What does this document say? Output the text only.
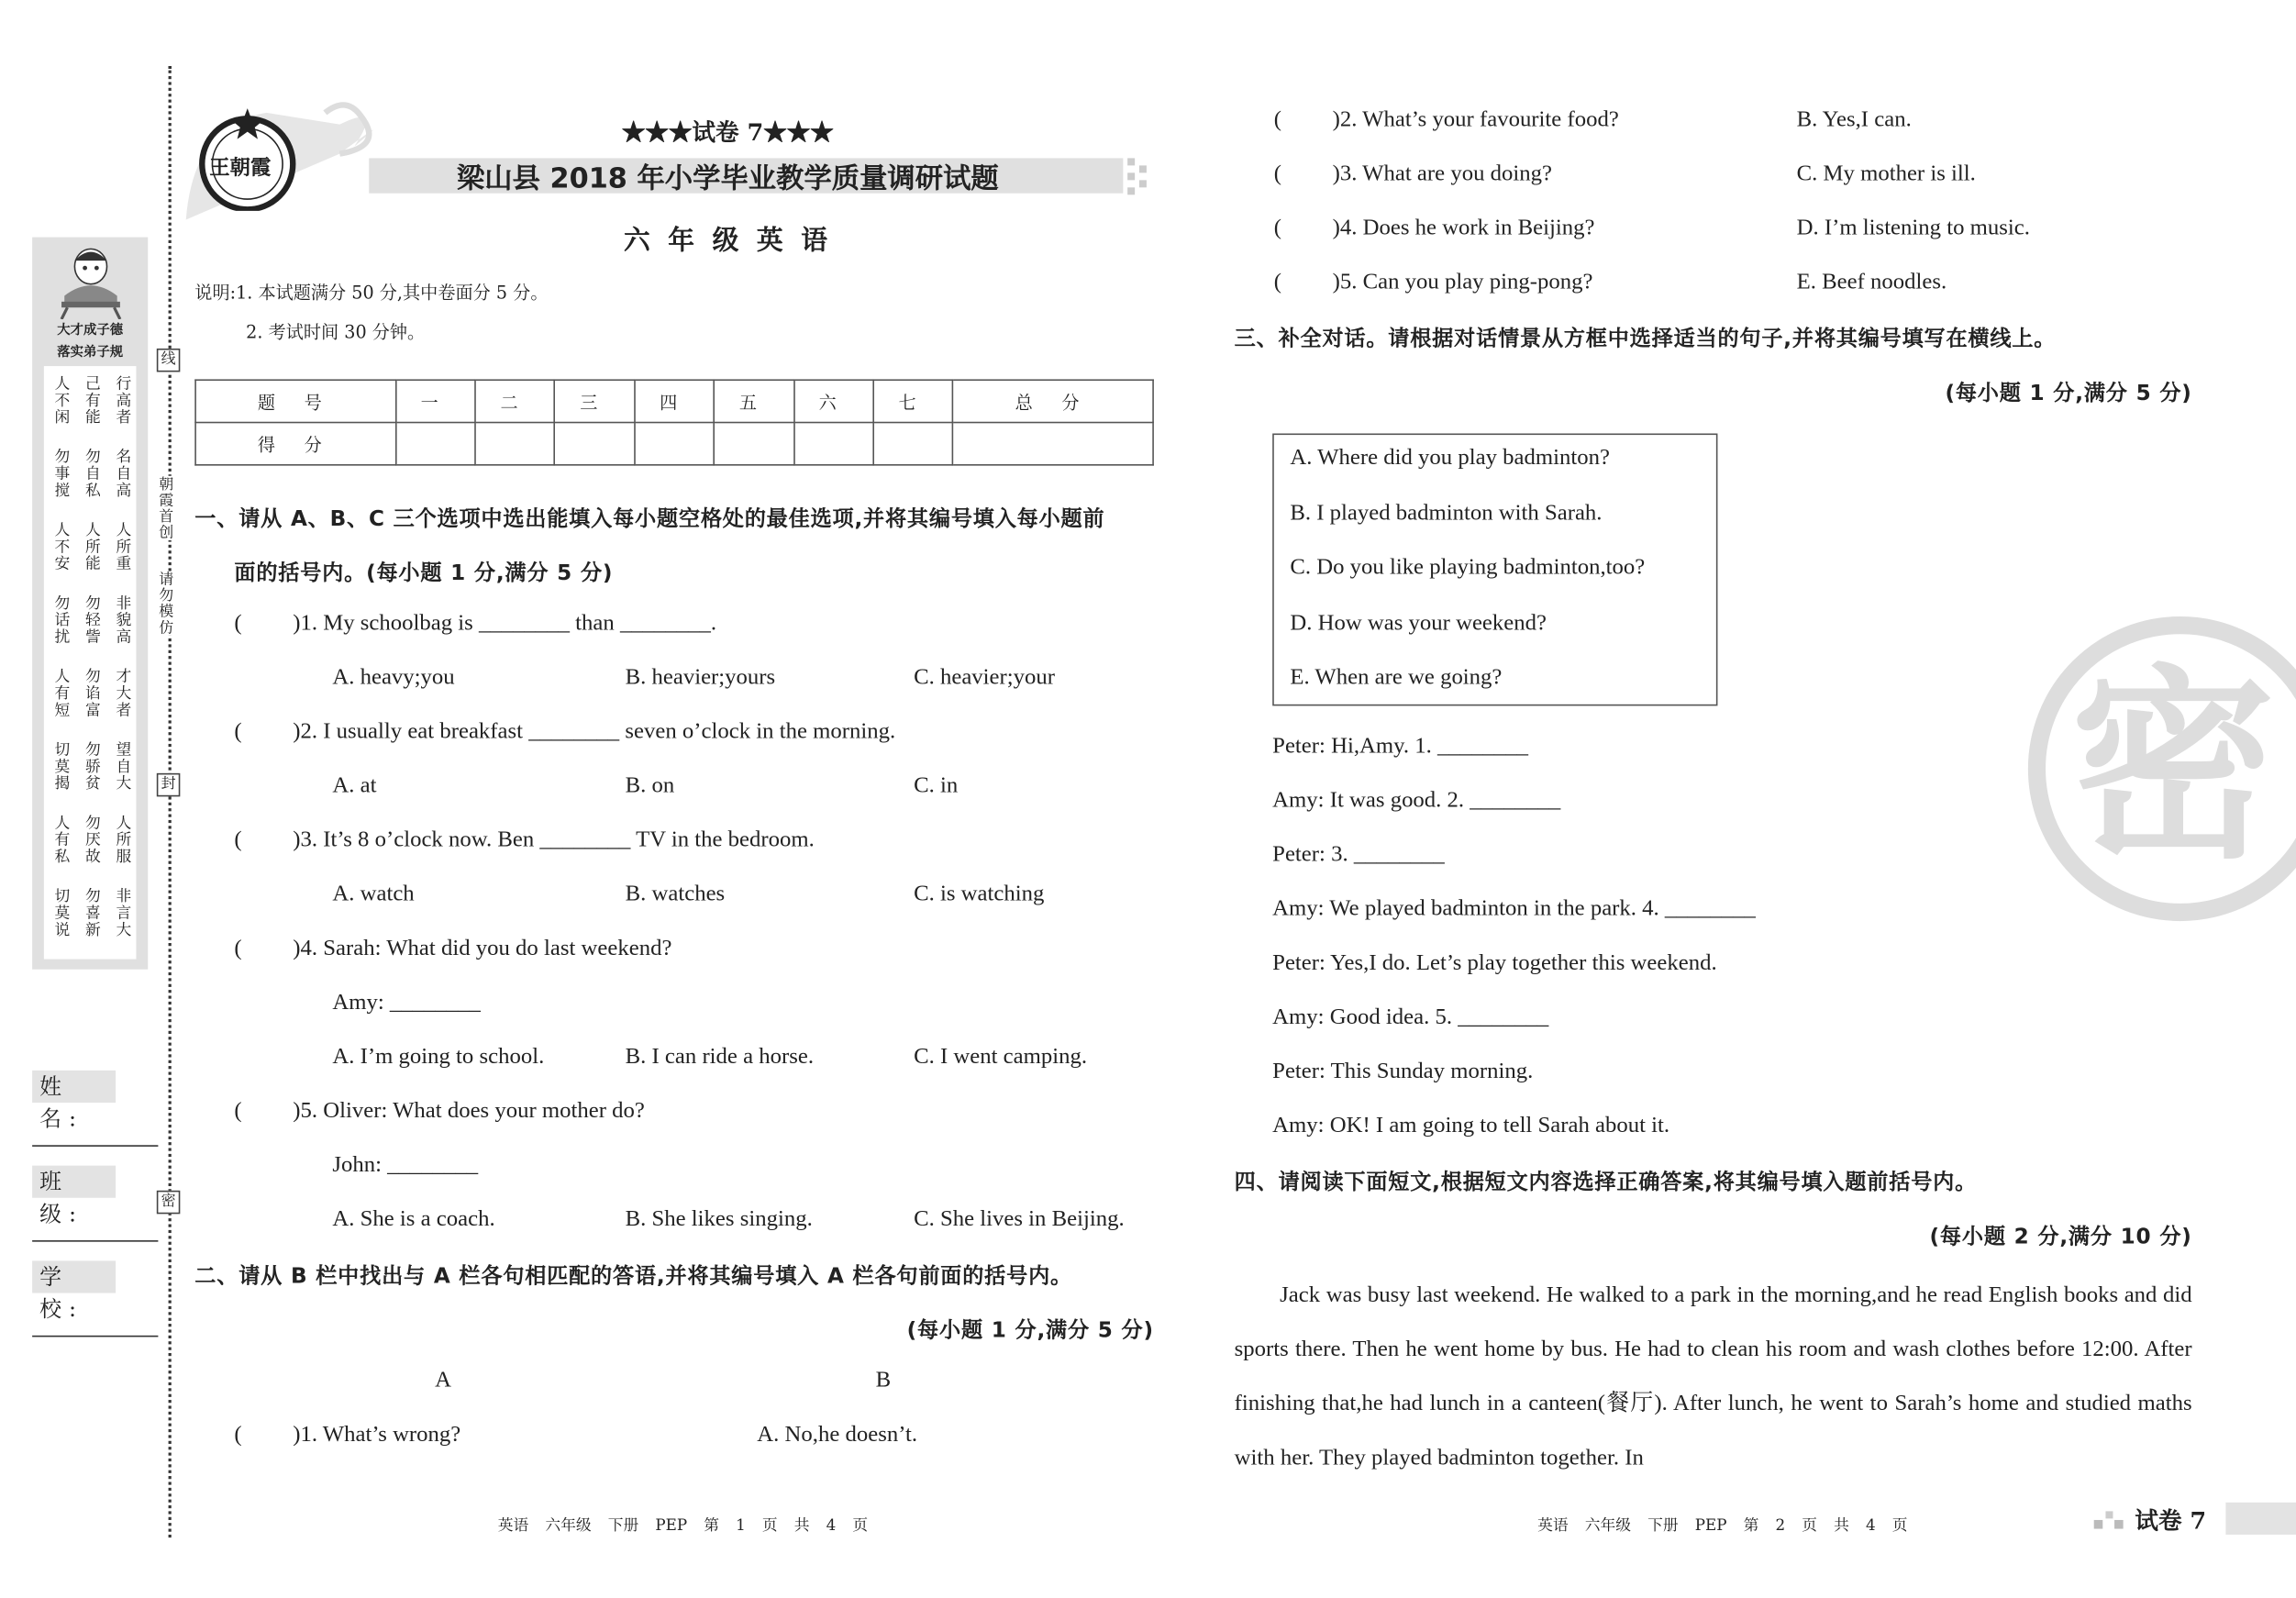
线
封
密
朝霞首创
请勿模仿
大才成子德
落实弟子规
人不闲 己有能 行高者
勿事搅 勿自私 名自高
人不安 人所能 人所重
勿话扰 勿轻訾 非貌高
人有短 勿谄富 才大者
切莫揭 勿骄贫 望自大
人有私 勿厌故 人所服
切莫说 勿喜新 非言大
姓 名:
班 级:
学 校:
王朝霞
★★★试卷 7★★★
梁山县 2018 年小学毕业教学质量调研试题
六 年 级 英 语
说明:1. 本试题满分 50 分,其中卷面分 5 分。
2. 考试时间 30 分钟。
题 号	一	二	三	四	五	六	七	总 分
得 分								
一、请从 A、B、C 三个选项中选出能填入每小题空格处的最佳选项,并将其编号填入每小题前
面的括号内。(每小题 1 分,满分 5 分)
(	)1. My schoolbag is ________ than ________.
A. heavy;you	B. heavier;yours	C. heavier;your
(	)2. I usually eat breakfast ________ seven o’clock in the morning.
A. at	B. on	C. in
(	)3. It’s 8 o’clock now. Ben ________ TV in the bedroom.
A. watch	B. watches	C. is watching
(	)4. Sarah: What did you do last weekend?
Amy: ________
A. I’m going to school.	B. I can ride a horse.	C. I went camping.
(	)5. Oliver: What does your mother do?
John: ________
A. She is a coach.	B. She likes singing.	C. She lives in Beijing.
二、请从 B 栏中找出与 A 栏各句相匹配的答语,并将其编号填入 A 栏各句前面的括号内。
(每小题 1 分,满分 5 分)
A	B
(	)1. What’s wrong?	A. No,he doesn’t.
(	)2. What’s your favourite food?	B. Yes,I can.
(	)3. What are you doing?	C. My mother is ill.
(	)4. Does he work in Beijing?	D. I’m listening to music.
(	)5. Can you play ping-pong?	E. Beef noodles.
三、补全对话。请根据对话情景从方框中选择适当的句子,并将其编号填写在横线上。
(每小题 1 分,满分 5 分)
A. Where did you play badminton?
B. I played badminton with Sarah.
C. Do you like playing badminton,too?
D. How was your weekend?
E. When are we going?
Peter: Hi,Amy. 1. ________
Amy: It was good. 2. ________
Peter: 3. ________
Amy: We played badminton in the park. 4. ________
Peter: Yes,I do. Let’s play together this weekend.
Amy: Good idea. 5. ________
Peter: This Sunday morning.
Amy: OK! I am going to tell Sarah about it.
密
四、请阅读下面短文,根据短文内容选择正确答案,将其编号填入题前括号内。
(每小题 2 分,满分 10 分)
Jack was busy last weekend. He walked to a park in the morning,and he read English books and did sports there. Then he went home by bus. He had to clean his room and wash clothes before 12:00. After finishing that,he had lunch in a canteen(餐厅). After lunch, he went to Sarah’s home and studied maths with her. They played badminton together. In
英语 六年级 下册 PEP 第 1 页 共 4 页	英语 六年级 下册 PEP 第 2 页 共 4 页	试卷 7
